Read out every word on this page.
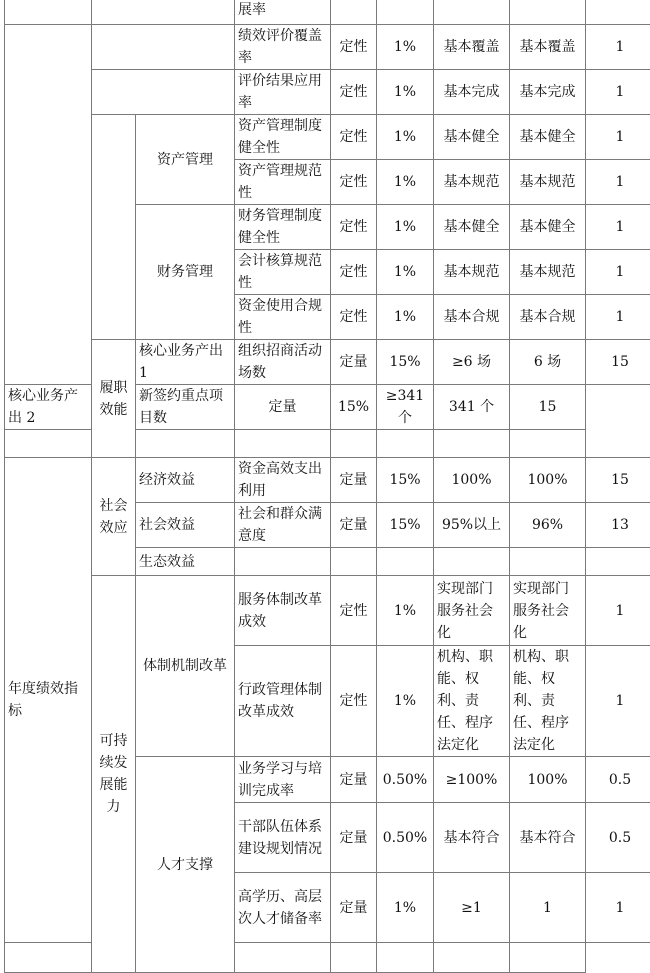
			展率					
			绩效评价覆盖率	定性	1%	基本覆盖	基本覆盖	1
			评价结果应用率	定性	1%	基本完成	基本完成	1
		资产管理	资产管理制度健全性	定性	1%	基本健全	基本健全	1
			资产管理规范性	定性	1%	基本规范	基本规范	1
		财务管理	财务管理制度健全性	定性	1%	基本健全	基本健全	1
			会计核算规范性	定性	1%	基本规范	基本规范	1
			资金使用合规性	定性	1%	基本合规	基本合规	1
	履职效能	核心业务产出 1	组织招商活动场数	定量	15%	≥6 场	6 场	15
核心业务产出 2		新签约重点项目数	定量	15%	≥341 个	341 个	15	

年度绩效指标	社会效应	经济效益	资金高效支出利用	定量	15%	100%	100%	15
		社会效益	社会和群众满意度	定量	15%	95%以上	96%	13
		生态效益						
	可持续发展能力	体制机制改革	服务体制改革成效	定性	1%	实现部门服务社会化	实现部门服务社会化	1
			行政管理体制改革成效	定性	1%	机构、职能、权利、责任、程序法定化	机构、职能、权利、责任、程序法定化	1
		人才支撑	业务学习与培训完成率	定量	0.50%	≥100%	100%	0.5
			干部队伍体系建设规划情况	定量	0.50%	基本符合	基本符合	0.5
			高学历、高层次人才储备率	定量	1%	≥1	1	1
